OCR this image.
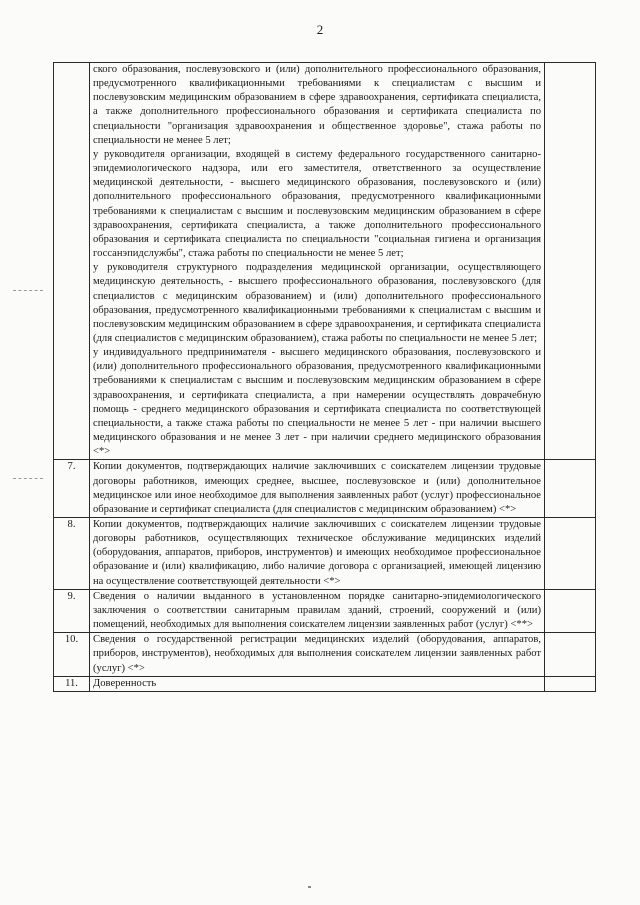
2

	ского образования, послевузовского и (или) дополнительного профессионального образования, предусмотренного квалификационными требованиями к специалистам с высшим и послевузовским медицинским образованием в сфере здравоохранения, сертификата специалиста, а также дополнительного профессионального образования и сертификата специалиста по специальности "организация здравоохранения и общественное здоровье", стажа работы по специальности не менее 5 лет;

у руководителя организации, входящей в систему федерального государственного санитарно-эпидемиологического надзора, или его заместителя, ответственного за осуществление медицинской деятельности, - высшего медицинского образования, послевузовского и (или) дополнительного профессионального образования, предусмотренного квалификационными требованиями к специалистам с высшим и послевузовским медицинским образованием в сфере здравоохранения, сертификата специалиста, а также дополнительного профессионального образования и сертификата специалиста по специальности "социальная гигиена и организация госсанэпидслужбы", стажа работы по специальности не менее 5 лет;

у руководителя структурного подразделения медицинской организации, осуществляющего медицинскую деятельность, - высшего профессионального образования, послевузовского (для специалистов с медицинским образованием) и (или) дополнительного профессионального образования, предусмотренного квалификационными требованиями к специалистам с высшим и послевузовским медицинским образованием в сфере здравоохранения, и сертификата специалиста (для специалистов с медицинским образованием), стажа работы по специальности не менее 5 лет;

у индивидуального предпринимателя - высшего медицинского образования, послевузовского и (или) дополнительного профессионального образования, предусмотренного квалификационными требованиями к специалистам с высшим и послевузовским медицинским образованием в сфере здравоохранения, и сертификата специалиста, а при намерении осуществлять доврачебную помощь - среднего медицинского образования и сертификата специалиста по соответствующей специальности, а также стажа работы по специальности не менее 5 лет - при наличии высшего медицинского образования и не менее 3 лет - при наличии среднего медицинского образования <*>	

7.	Копии документов, подтверждающих наличие заключивших с соискателем лицензии трудовые договоры работников, имеющих среднее, высшее, послевузовское и (или) дополнительное медицинское или иное необходимое для выполнения заявленных работ (услуг) профессиональное образование и сертификат специалиста (для специалистов с медицинским образованием) <*>	

8.	Копии документов, подтверждающих наличие заключивших с соискателем лицензии трудовые договоры работников, осуществляющих техническое обслуживание медицинских изделий (оборудования, аппаратов, приборов, инструментов) и имеющих необходимое профессиональное образование и (или) квалификацию, либо наличие договора с организацией, имеющей лицензию на осуществление соответствующей деятельности <*>	

9.	Сведения о наличии выданного в установленном порядке санитарно-эпидемиологического заключения о соответствии санитарным правилам зданий, строений, сооружений и (или) помещений, необходимых для выполнения соискателем лицензии заявленных работ (услуг) <**>	

10.	Сведения о государственной регистрации медицинских изделий (оборудования, аппаратов, приборов, инструментов), необходимых для выполнения соискателем лицензии заявленных работ (услуг) <*>	

11.	Доверенность	
